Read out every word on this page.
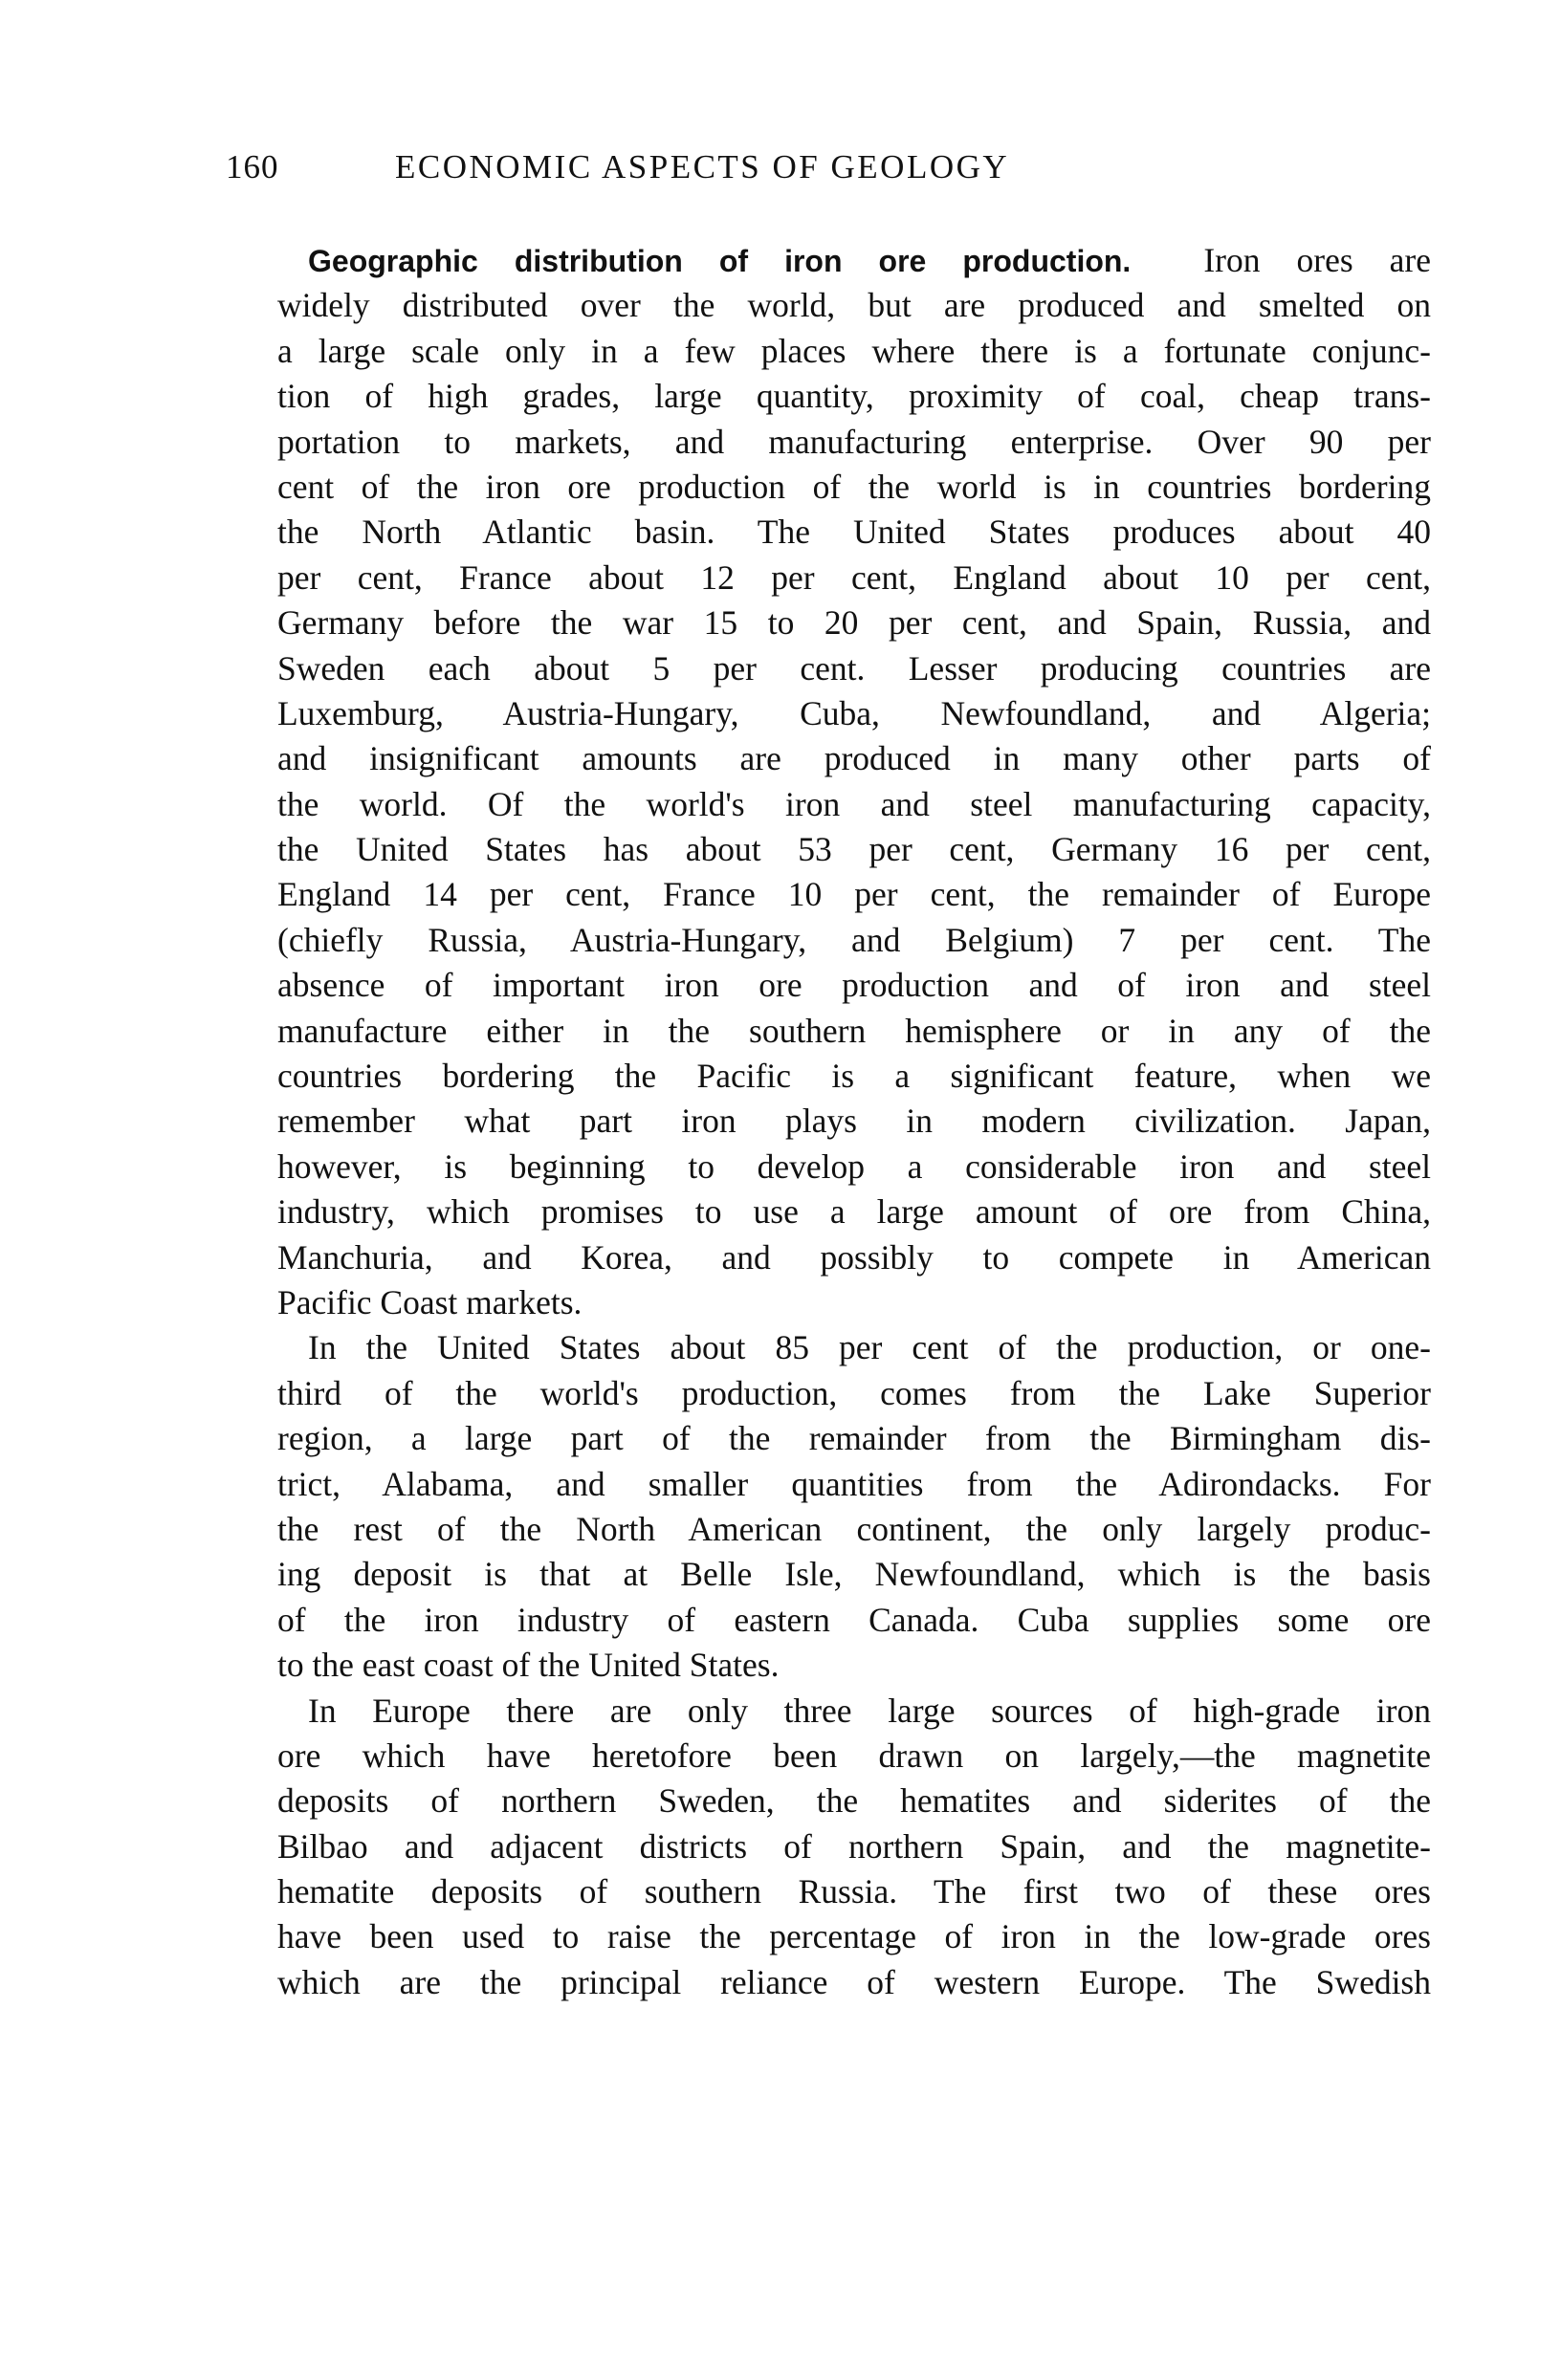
160	ECONOMIC ASPECTS OF GEOLOGY
Geographic distribution of iron ore production. Iron ores are
widely distributed over the world, but are produced and smelted on
a large scale only in a few places where there is a fortunate conjunc-
tion of high grades, large quantity, proximity of coal, cheap trans-
portation to markets, and manufacturing enterprise. Over 90 per
cent of the iron ore production of the world is in countries bordering
the North Atlantic basin. The United States produces about 40
per cent, France about 12 per cent, England about 10 per cent,
Germany before the war 15 to 20 per cent, and Spain, Russia, and
Sweden each about 5 per cent. Lesser producing countries are
Luxemburg, Austria-Hungary, Cuba, Newfoundland, and Algeria;
and insignificant amounts are produced in many other parts of
the world. Of the world's iron and steel manufacturing capacity,
the United States has about 53 per cent, Germany 16 per cent,
England 14 per cent, France 10 per cent, the remainder of Europe
(chiefly Russia, Austria-Hungary, and Belgium) 7 per cent. The
absence of important iron ore production and of iron and steel
manufacture either in the southern hemisphere or in any of the
countries bordering the Pacific is a significant feature, when we
remember what part iron plays in modern civilization. Japan,
however, is beginning to develop a considerable iron and steel
industry, which promises to use a large amount of ore from China,
Manchuria, and Korea, and possibly to compete in American
Pacific Coast markets.
In the United States about 85 per cent of the production, or one-
third of the world's production, comes from the Lake Superior
region, a large part of the remainder from the Birmingham dis-
trict, Alabama, and smaller quantities from the Adirondacks. For
the rest of the North American continent, the only largely produc-
ing deposit is that at Belle Isle, Newfoundland, which is the basis
of the iron industry of eastern Canada. Cuba supplies some ore
to the east coast of the United States.
In Europe there are only three large sources of high-grade iron
ore which have heretofore been drawn on largely,—the magnetite
deposits of northern Sweden, the hematites and siderites of the
Bilbao and adjacent districts of northern Spain, and the magnetite-
hematite deposits of southern Russia. The first two of these ores
have been used to raise the percentage of iron in the low-grade ores
which are the principal reliance of western Europe. The Swedish
